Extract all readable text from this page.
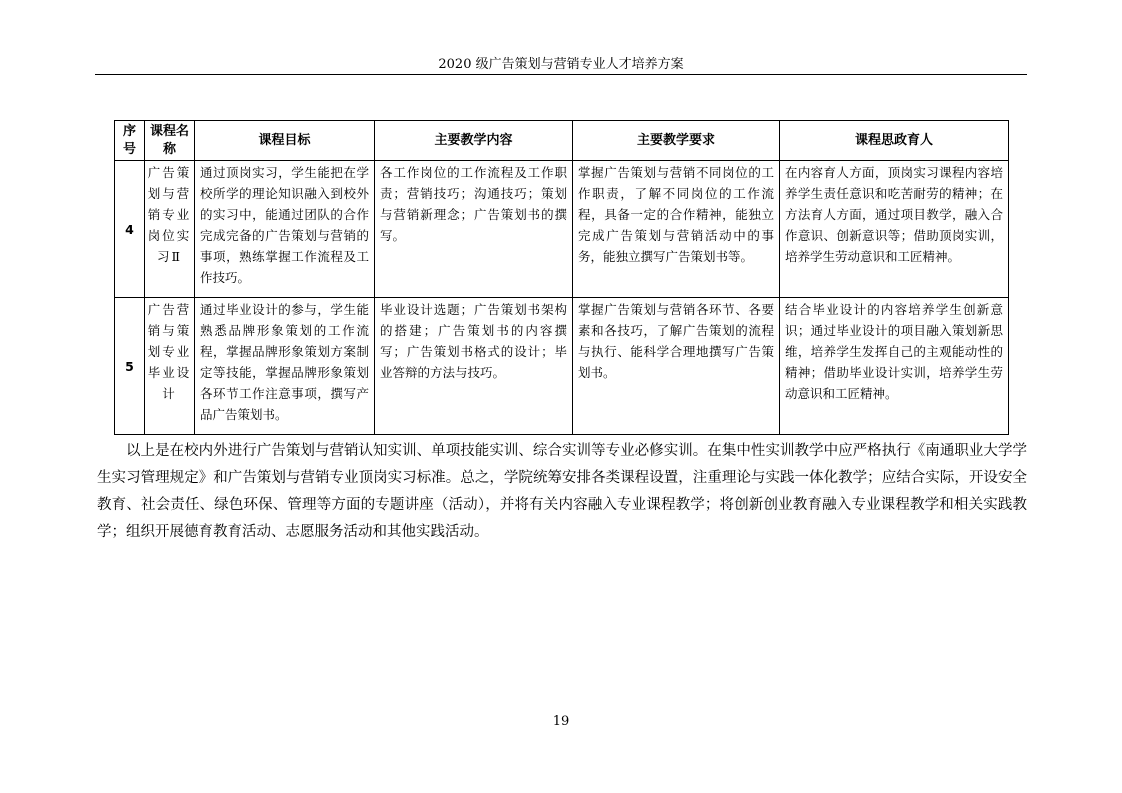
2020 级广告策划与营销专业人才培养方案
序号	课程名称	课程目标	主要教学内容	主要教学要求	课程思政育人
4	广告策划与营销专业岗位实习Ⅱ	通过顶岗实习，学生能把在学校所学的理论知识融入到校外的实习中，能通过团队的合作完成完备的广告策划与营销的事项，熟练掌握工作流程及工作技巧。	各工作岗位的工作流程及工作职责；营销技巧；沟通技巧；策划与营销新理念；广告策划书的撰写。	掌握广告策划与营销不同岗位的工作职责，了解不同岗位的工作流程，具备一定的合作精神，能独立完成广告策划与营销活动中的事务，能独立撰写广告策划书等。	在内容育人方面，顶岗实习课程内容培养学生责任意识和吃苦耐劳的精神；在方法育人方面，通过项目教学，融入合作意识、创新意识等；借助顶岗实训，培养学生劳动意识和工匠精神。
5	广告营销与策划专业毕业设计	通过毕业设计的参与，学生能熟悉品牌形象策划的工作流程，掌握品牌形象策划方案制定等技能，掌握品牌形象策划各环节工作注意事项，撰写产品广告策划书。	毕业设计选题；广告策划书架构的搭建；广告策划书的内容撰写；广告策划书格式的设计；毕业答辩的方法与技巧。	掌握广告策划与营销各环节、各要素和各技巧，了解广告策划的流程与执行、能科学合理地撰写广告策划书。	结合毕业设计的内容培养学生创新意识；通过毕业设计的项目融入策划新思维，培养学生发挥自己的主观能动性的精神；借助毕业设计实训，培养学生劳动意识和工匠精神。

以上是在校内外进行广告策划与营销认知实训、单项技能实训、综合实训等专业必修实训。在集中性实训教学中应严格执行《南通职业大学学生实习管理规定》和广告策划与营销专业顶岗实习标准。总之，学院统筹安排各类课程设置，注重理论与实践一体化教学；应结合实际，开设安全教育、社会责任、绿色环保、管理等方面的专题讲座（活动），并将有关内容融入专业课程教学；将创新创业教育融入专业课程教学和相关实践教学；组织开展德育教育活动、志愿服务活动和其他实践活动。

19
